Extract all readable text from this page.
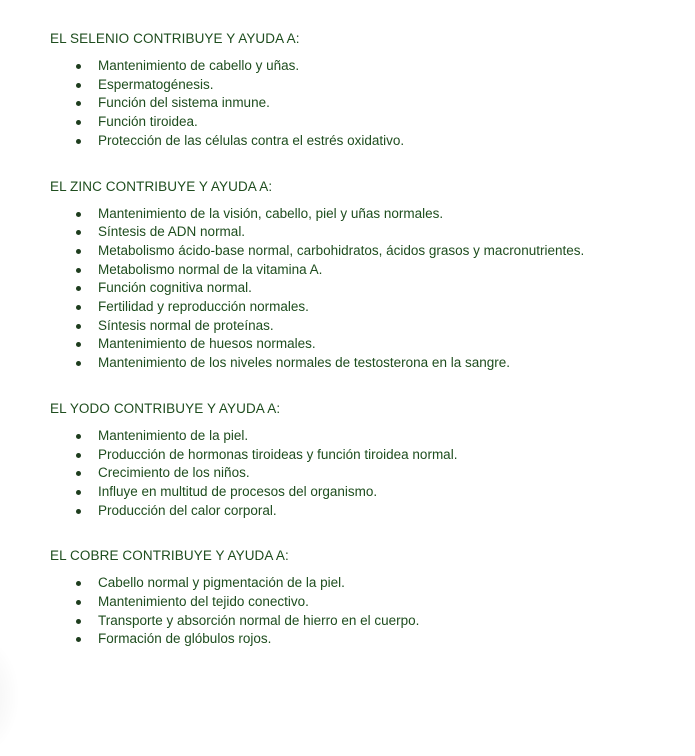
EL SELENIO CONTRIBUYE Y AYUDA A:
Mantenimiento de cabello y uñas.
Espermatogénesis.
Función del sistema inmune.
Función tiroidea.
Protección de las células contra el estrés oxidativo.
EL ZINC CONTRIBUYE Y AYUDA A:
Mantenimiento de la visión, cabello, piel y uñas normales.
Síntesis de ADN normal.
Metabolismo ácido-base normal, carbohidratos, ácidos grasos y macronutrientes.
Metabolismo normal de la vitamina A.
Función cognitiva normal.
Fertilidad y reproducción normales.
Síntesis normal de proteínas.
Mantenimiento de huesos normales.
Mantenimiento de los niveles normales de testosterona en la sangre.
EL YODO CONTRIBUYE Y AYUDA A:
Mantenimiento de la piel.
Producción de hormonas tiroideas y función tiroidea normal.
Crecimiento de los niños.
Influye en multitud de procesos del organismo.
Producción del calor corporal.
EL COBRE CONTRIBUYE Y AYUDA A:
Cabello normal y pigmentación de la piel.
Mantenimiento del tejido conectivo.
Transporte y absorción normal de hierro en el cuerpo.
Formación de glóbulos rojos.
